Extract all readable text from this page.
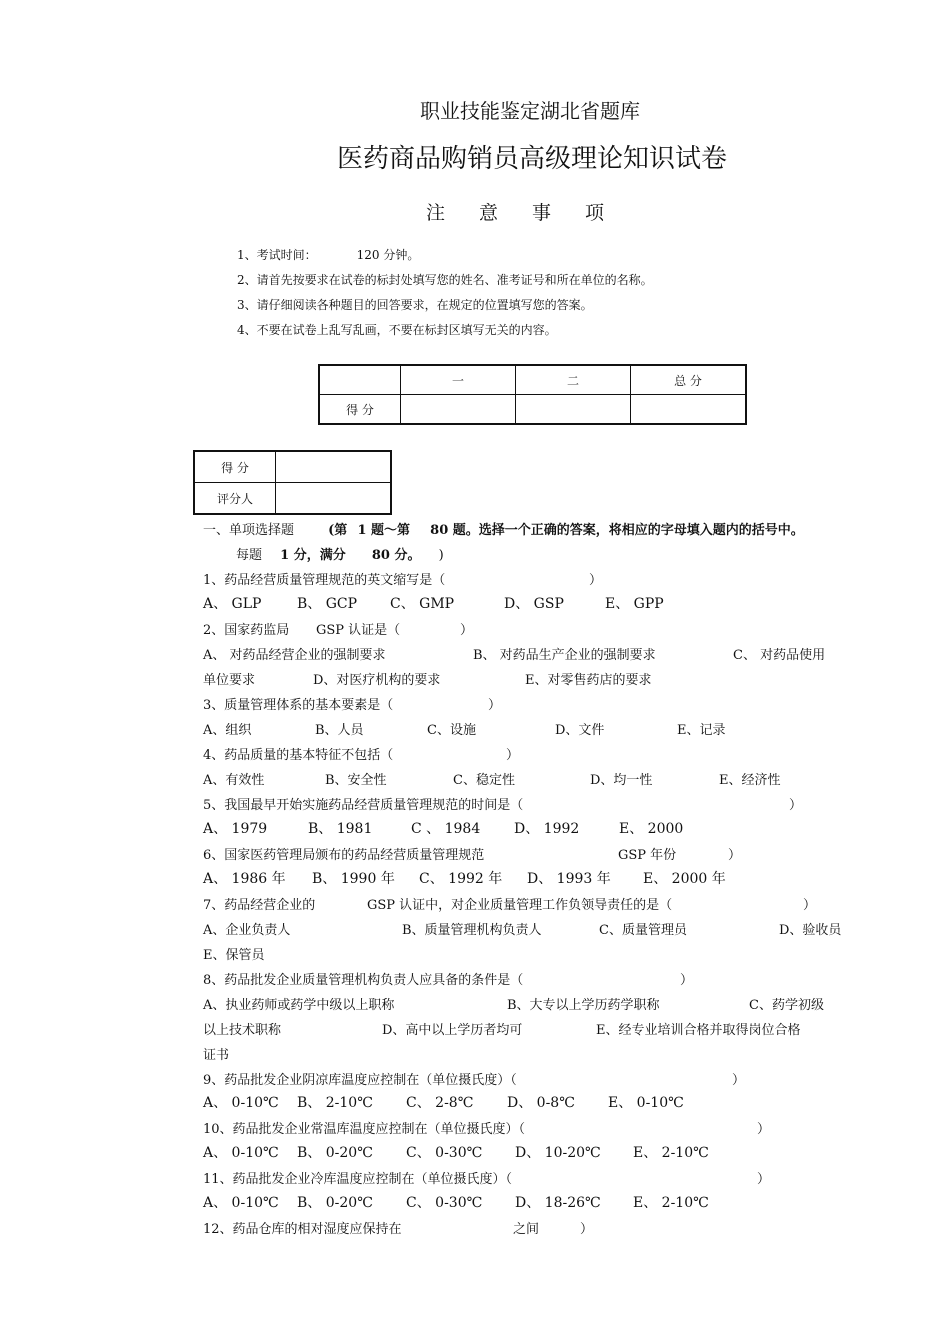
职业技能鉴定湖北省题库
医药商品购销员高级理论知识试卷
注意事项
1、考试时间：	120 分钟。
2、请首先按要求在试卷的标封处填写您的姓名、准考证号和所在单位的名称。
3、请仔细阅读各种题目的回答要求，在规定的位置填写您的答案。
4、不要在试卷上乱写乱画，不要在标封区填写无关的内容。
	一	二	总 分
得 分			
得 分	
评分人	
一、单项选择题	(第 1 题～第 80 题。选择一个正确的答案，将相应的字母填入题内的括号中。
每题 1 分，满分 80 分。 )
1、药品经营质量管理规范的英文缩写是（	）
A、 GLP	B、 GCP C、 GMP	D、 GSP	E、 GPP
2、国家药监局 GSP 认证是（	）
A、 对药品经营企业的强制要求	B、 对药品生产企业的强制要求	C、 对药品使用
单位要求	D、对医疗机构的要求	E、对零售药店的要求
3、质量管理体系的基本要素是（	）
A、组织	B、人员	C、设施	D、文件	E、记录
4、药品质量的基本特征不包括（	）
A、有效性	B、安全性	C、稳定性	D、均一性	E、经济性
5、我国最早开始实施药品经营质量管理规范的时间是（	）
A、 1979	B、 1981	C 、 1984 D、 1992	E、 2000
6、国家医药管理局颁布的药品经营质量管理规范	GSP 年份	）
A、 1986 年 B、 1990 年 C、 1992 年 D、 1993 年 E、 2000 年
7、药品经营企业的	GSP 认证中，对企业质量管理工作负领导责任的是（	）
A、企业负责人	B、质量管理机构负责人	C、质量管理员	D、验收员
E、保管员
8、药品批发企业质量管理机构负责人应具备的条件是（	）
A、执业药师或药学中级以上职称	B、大专以上学历药学职称	C、药学初级
以上技术职称	D、高中以上学历者均可	E、经专业培训合格并取得岗位合格
证书
9、药品批发企业阴凉库温度应控制在（单位摄氏度）（	）
A、 0-10℃ B、 2-10℃ C、 2-8℃ D、 0-8℃ E、 0-10℃
10、药品批发企业常温库温度应控制在（单位摄氏度）（	）
A、 0-10℃ B、 0-20℃ C、 0-30℃ D、 10-20℃ E、 2-10℃
11、药品批发企业冷库温度应控制在（单位摄氏度）（	）
A、 0-10℃ B、 0-20℃ C、 0-30℃ D、 18-26℃ E、 2-10℃
12、药品仓库的相对湿度应保持在	之间	）
